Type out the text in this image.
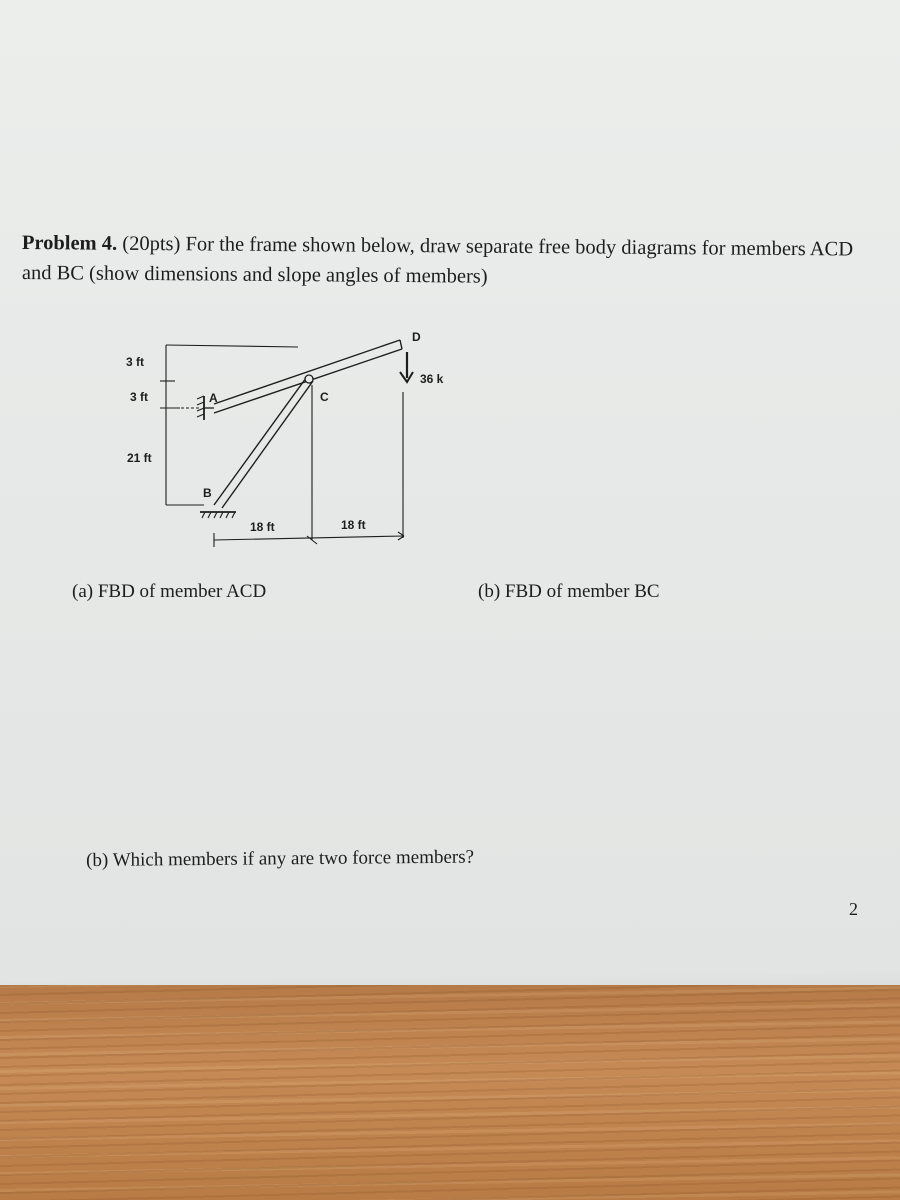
Problem 4. (20pts) For the frame shown below, draw separate free body diagrams for members ACD
and BC (show dimensions and slope angles of members)
3 ft
3 ft
21 ft
18 ft	18 ft
A
B
C
D
36 k
(a) FBD of member ACD	(b) FBD of member BC
(b) Which members if any are two force members?
2
